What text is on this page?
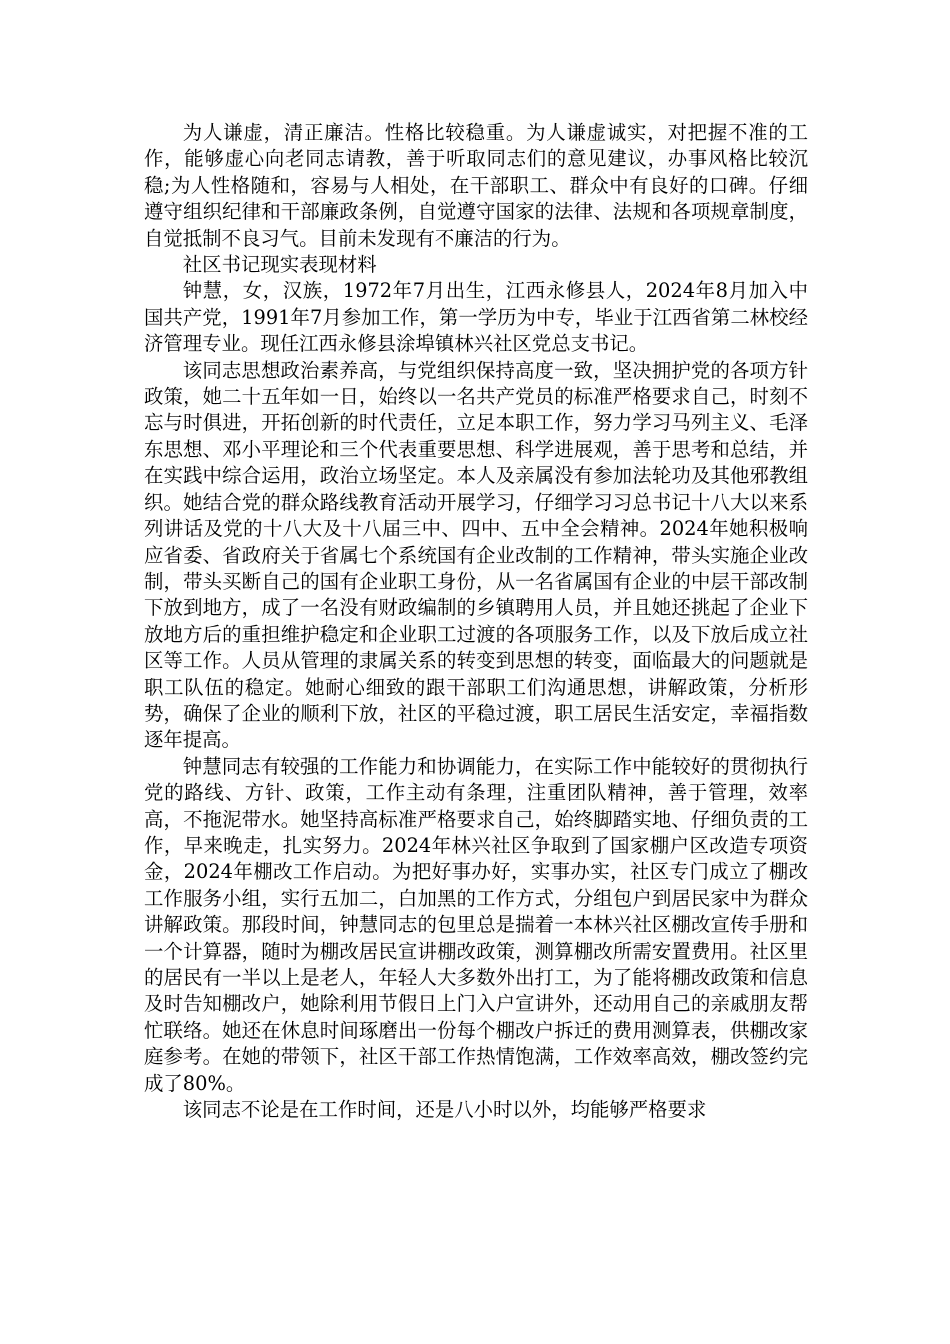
为人谦虚，清正廉洁。性格比较稳重。为人谦虚诚实，对把握不准的工作，能够虚心向老同志请教，善于听取同志们的意见建议，办事风格比较沉稳;为人性格随和，容易与人相处，在干部职工、群众中有良好的口碑。仔细遵守组织纪律和干部廉政条例，自觉遵守国家的法律、法规和各项规章制度，自觉抵制不良习气。目前未发现有不廉洁的行为。

社区书记现实表现材料

钟慧，女，汉族，1972年7月出生，江西永修县人，2024年8月加入中国共产党，1991年7月参加工作，第一学历为中专，毕业于江西省第二林校经济管理专业。现任江西永修县涂埠镇林兴社区党总支书记。

该同志思想政治素养高，与党组织保持高度一致，坚决拥护党的各项方针政策，她二十五年如一日，始终以一名共产党员的标准严格要求自己，时刻不忘与时俱进，开拓创新的时代责任，立足本职工作，努力学习马列主义、毛泽东思想、邓小平理论和三个代表重要思想、科学进展观，善于思考和总结，并在实践中综合运用，政治立场坚定。本人及亲属没有参加法轮功及其他邪教组织。她结合党的群众路线教育活动开展学习，仔细学习习总书记十八大以来系列讲话及党的十八大及十八届三中、四中、五中全会精神。2024年她积极响应省委、省政府关于省属七个系统国有企业改制的工作精神，带头实施企业改制，带头买断自己的国有企业职工身份，从一名省属国有企业的中层干部改制下放到地方，成了一名没有财政编制的乡镇聘用人员，并且她还挑起了企业下放地方后的重担维护稳定和企业职工过渡的各项服务工作，以及下放后成立社区等工作。人员从管理的隶属关系的转变到思想的转变，面临最大的问题就是职工队伍的稳定。她耐心细致的跟干部职工们沟通思想，讲解政策，分析形势，确保了企业的顺利下放，社区的平稳过渡，职工居民生活安定，幸福指数逐年提高。

钟慧同志有较强的工作能力和协调能力，在实际工作中能较好的贯彻执行党的路线、方针、政策，工作主动有条理，注重团队精神，善于管理，效率高，不拖泥带水。她坚持高标准严格要求自己，始终脚踏实地、仔细负责的工作，早来晚走，扎实努力。2024年林兴社区争取到了国家棚户区改造专项资金，2024年棚改工作启动。为把好事办好，实事办实，社区专门成立了棚改工作服务小组，实行五加二，白加黑的工作方式，分组包户到居民家中为群众讲解政策。那段时间，钟慧同志的包里总是揣着一本林兴社区棚改宣传手册和一个计算器，随时为棚改居民宣讲棚改政策，测算棚改所需安置费用。社区里的居民有一半以上是老人，年轻人大多数外出打工，为了能将棚改政策和信息及时告知棚改户，她除利用节假日上门入户宣讲外，还动用自己的亲戚朋友帮忙联络。她还在休息时间琢磨出一份每个棚改户拆迁的费用测算表，供棚改家庭参考。在她的带领下，社区干部工作热情饱满，工作效率高效，棚改签约完成了80%。

该同志不论是在工作时间，还是八小时以外，均能够严格要求
